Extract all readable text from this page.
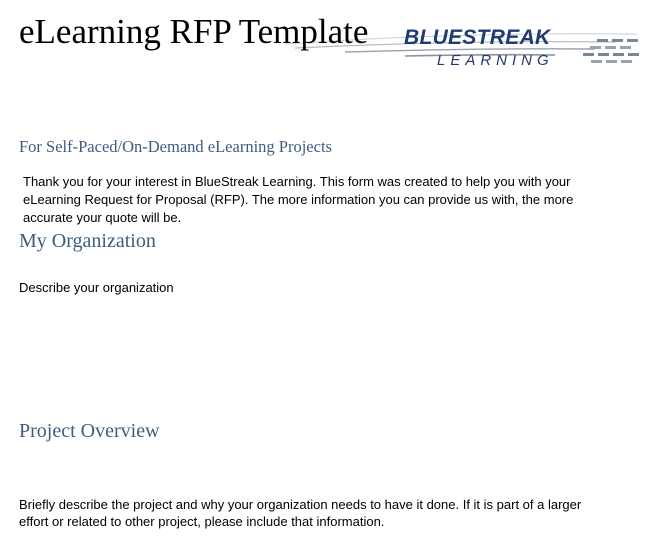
eLearning RFP Template BLUESTREAK
LEARNING
For Self-Paced/On-Demand eLearning Projects

Thank you for your interest in BlueStreak Learning. This form was created to help you with your eLearning Request for Proposal (RFP). The more information you can provide us with, the more accurate your quote will be.

My Organization

Describe your organization

Project Overview

Briefly describe the project and why your organization needs to have it done. If it is part of a larger effort or related to other project, please include that information.
